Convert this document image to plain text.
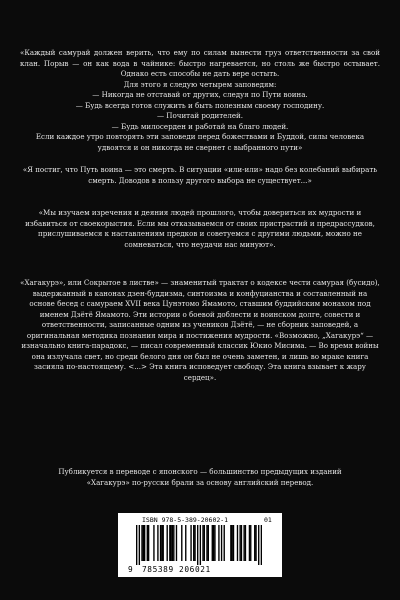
«Каждый самурай должен верить, что ему по силам вынести груз ответственности за свой клан. Порыв — он как вода в чайнике: быстро нагревается, но столь же быстро остывает. Однако есть способы не дать вере остыть.

Для этого я следую четырем заповедям:

— Никогда не отставай от других, следуя по Пути воина.

— Будь всегда готов служить и быть полезным своему господину.

— Почитай родителей.

— Будь милосерден и работай на благо людей.

Если каждое утро повторять эти заповеди перед божествами и Буддой, силы человека удвоятся и он никогда не свернет с выбранного пути»

«Я постиг, что Путь воина — это смерть. В ситуации «или-или» надо без колебаний выбирать смерть. Доводов в пользу другого выбора не существует...»

«Мы изучаем изречения и деяния людей прошлого, чтобы довериться их мудрости и избавиться от своекорыстия. Если мы отказываемся от своих пристрастий и предрассудков, прислушиваемся к наставлениям предков и советуемся с другими людьми, можно не сомневаться, что неудачи нас минуют».

«Хагакурэ», или Сокрытое в листве» — знаменитый трактат о кодексе чести самурая (бусидо), выдержанный в канонах дзен-буддизма, синтоизма и конфуцианства и составленный на основе бесед с самураем XVII века Цунэтомо Ямамото, ставшим буддийским монахом под именем Дзётё Ямамото. Эти истории о боевой доблести и воинском долге, совести и ответственности, записанные одним из учеников Дзётё, — не сборник заповедей, а оригинальная методика познания мира и постижения мудрости. «Возможно, „Хагакурэ“ — изначально книга-парадокс, — писал современный классик Юкио Мисима. — Во время войны она излучала свет, но среди белого дня он был не очень заметен, и лишь во мраке книга засияла по-настоящему. <...> Эта книга исповедует свободу. Эта книга взывает к жару сердец».
Публикуется в переводе с японского — большинство предыдущих изданий «Хагакурэ» по-русски брали за основу английский перевод.
ISBN 978-5-389-20602-1	01
9 785389 206021
